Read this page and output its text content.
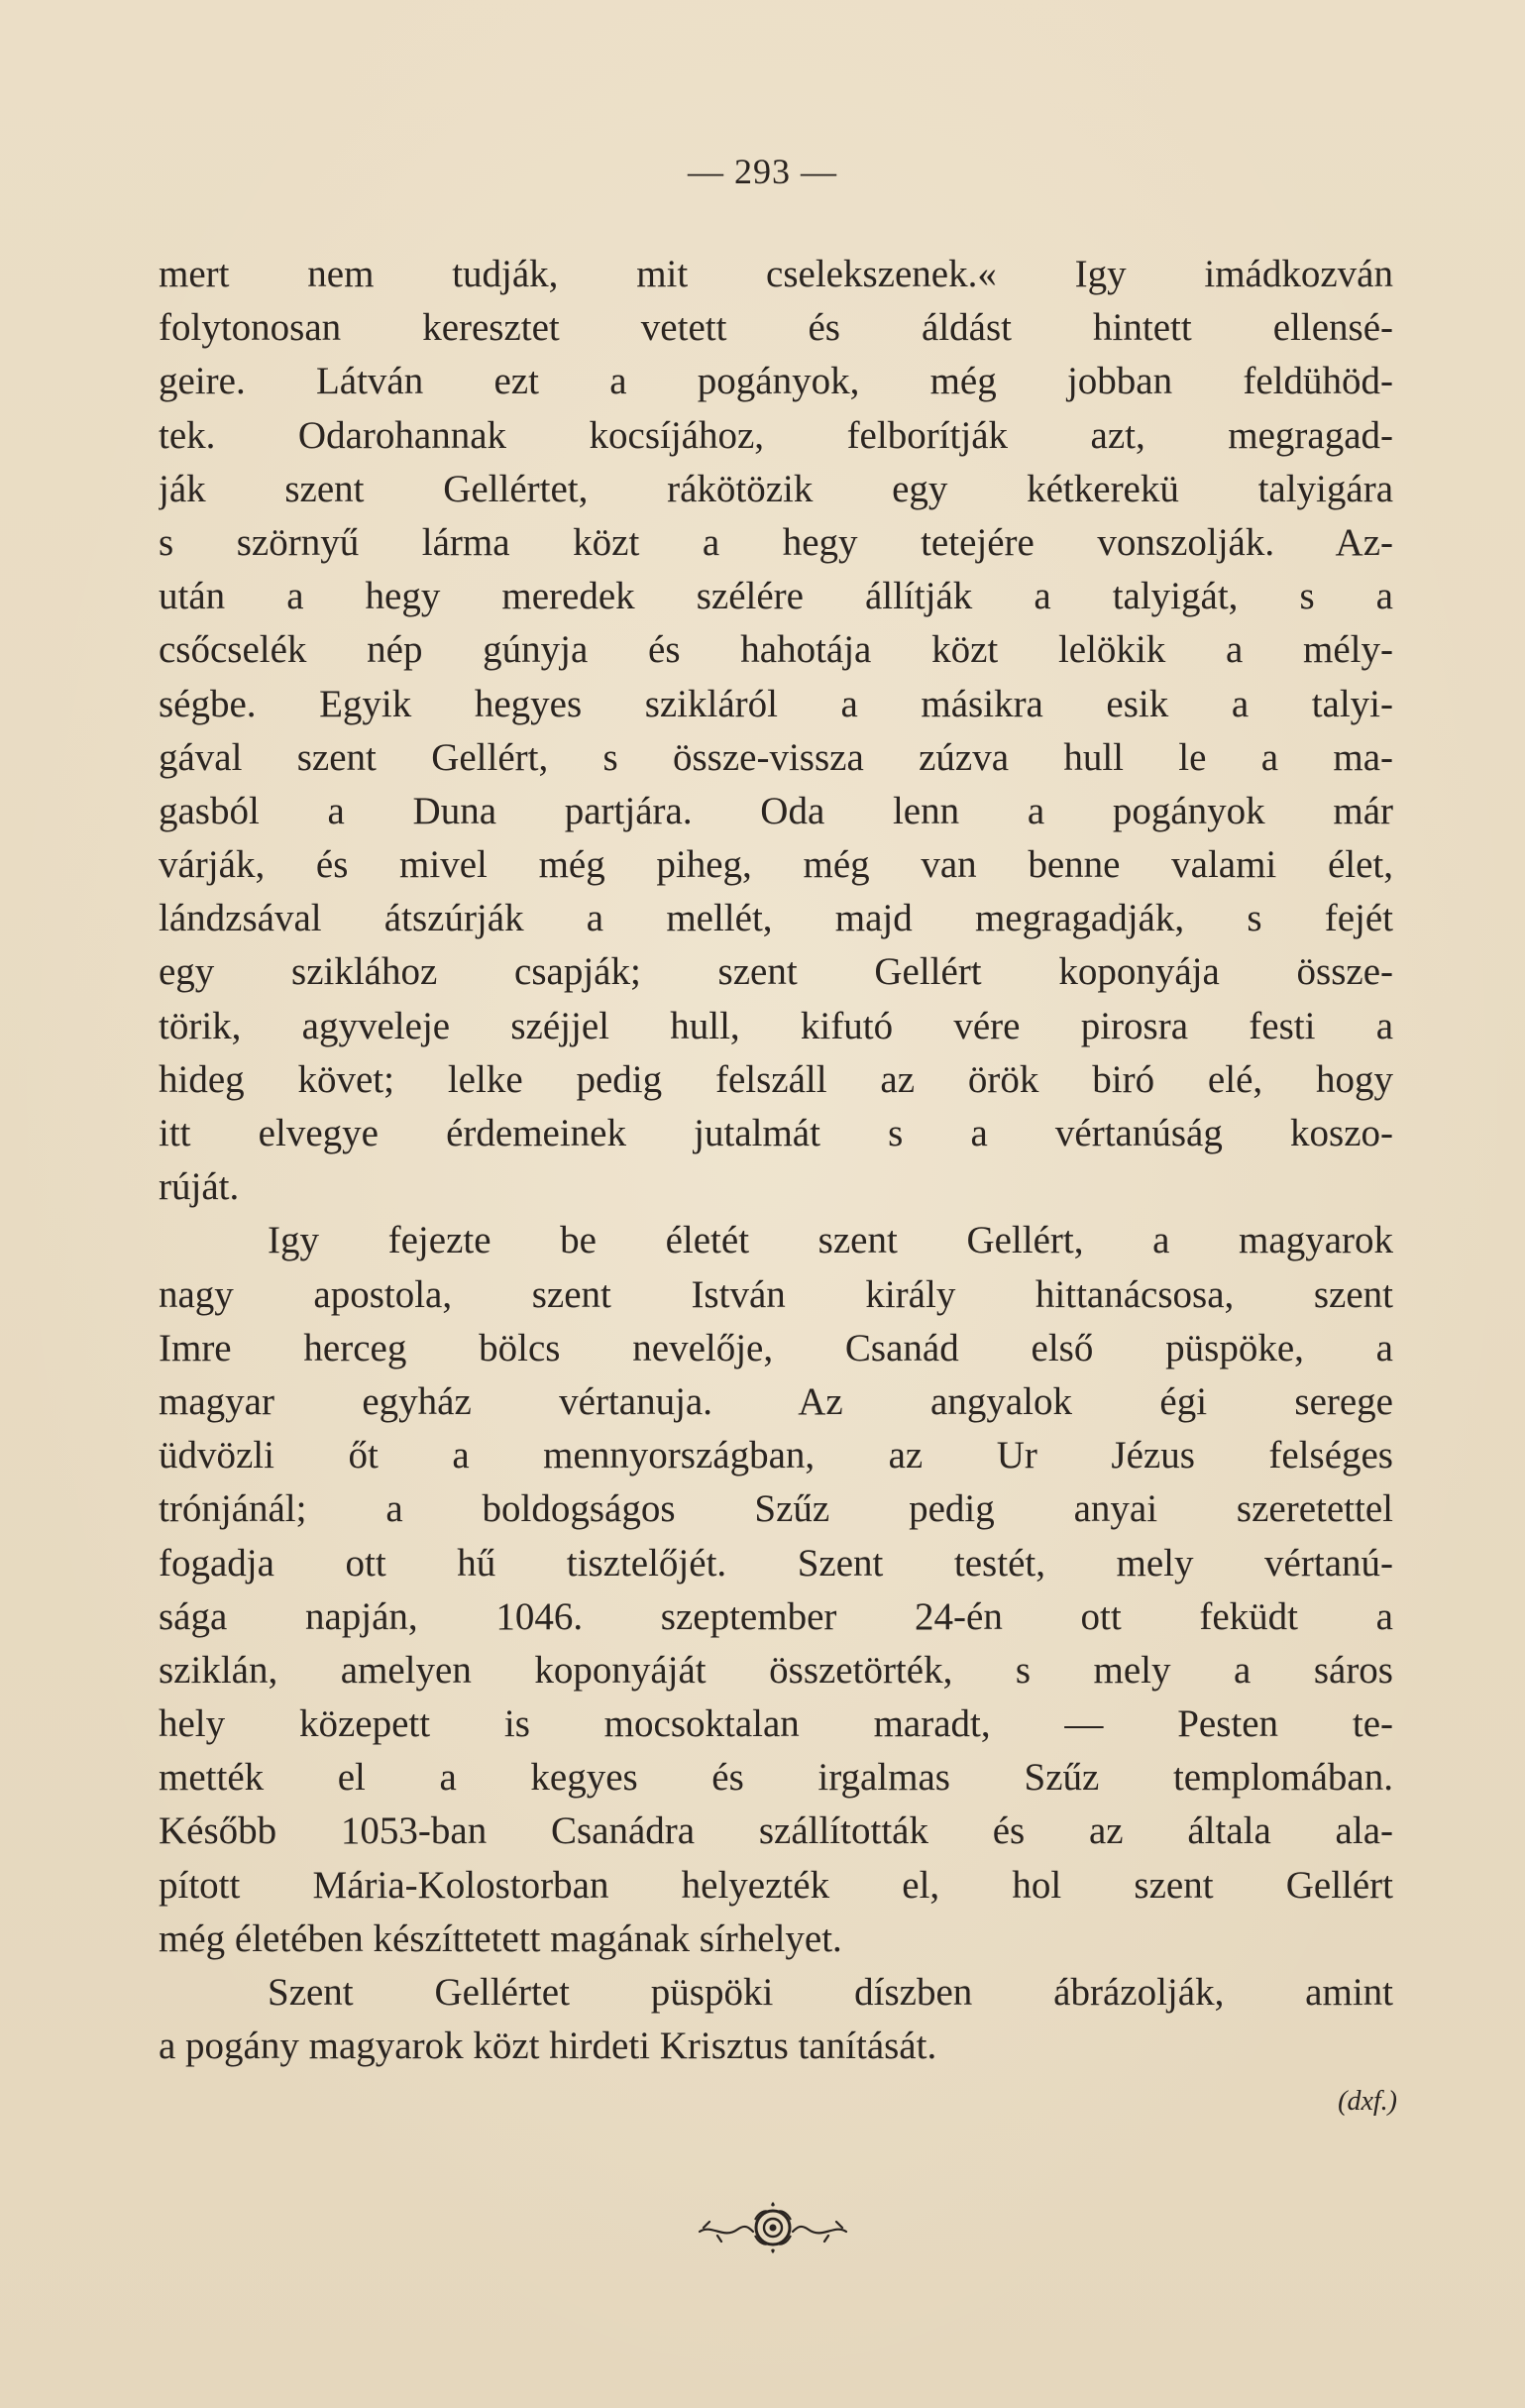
— 293 —
mert nem tudják, mit cselekszenek.« Igy imádkozván
folytonosan keresztet vetett és áldást hintett ellensé-
geire. Látván ezt a pogányok, még jobban feldühöd-
tek. Odarohannak kocsíjához, felborítják azt, megragad-
ják szent Gellértet, rákötözik egy kétkerekü talyigára
s szörnyű lárma közt a hegy tetejére vonszolják. Az-
után a hegy meredek szélére állítják a talyigát, s a
csőcselék nép gúnyja és hahotája közt lelökik a mély-
ségbe. Egyik hegyes szikláról a másikra esik a talyi-
gával szent Gellért, s össze-vissza zúzva hull le a ma-
gasból a Duna partjára. Oda lenn a pogányok már
várják, és mivel még piheg, még van benne valami élet,
lándzsával átszúrják a mellét, majd megragadják, s fejét
egy sziklához csapják; szent Gellért koponyája össze-
törik, agyveleje széjjel hull, kifutó vére pirosra festi a
hideg követ; lelke pedig felszáll az örök biró elé, hogy
itt elvegye érdemeinek jutalmát s a vértanúság koszo-
rúját.
Igy fejezte be életét szent Gellért, a magyarok
nagy apostola, szent István király hittanácsosa, szent
Imre herceg bölcs nevelője, Csanád első püspöke, a
magyar egyház vértanuja. Az angyalok égi serege
üdvözli őt a mennyországban, az Ur Jézus felséges
trónjánál; a boldogságos Szűz pedig anyai szeretettel
fogadja ott hű tisztelőjét. Szent testét, mely vértanú-
sága napján, 1046. szeptember 24-én ott feküdt a
sziklán, amelyen koponyáját összetörték, s mely a sáros
hely közepett is mocsoktalan maradt, — Pesten te-
mették el a kegyes és irgalmas Szűz templomában.
Később 1053-ban Csanádra szállították és az általa ala-
pított Mária-Kolostorban helyezték el, hol szent Gellért
még életében készíttetett magának sírhelyet.
Szent Gellértet püspöki díszben ábrázolják, amint
a pogány magyarok közt hirdeti Krisztus tanítását.
(dxf.)
